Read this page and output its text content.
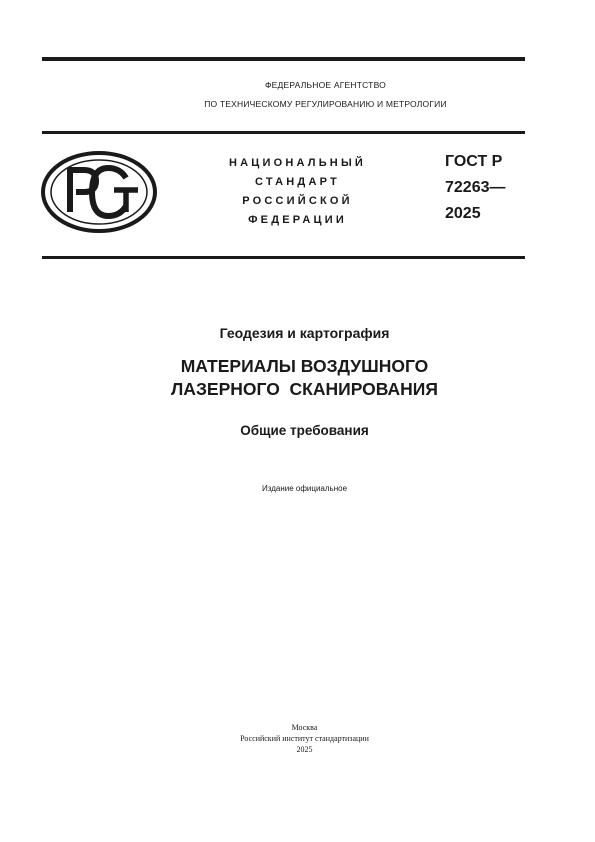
ФЕДЕРАЛЬНОЕ АГЕНТСТВО
ПО ТЕХНИЧЕСКОМУ РЕГУЛИРОВАНИЮ И МЕТРОЛОГИИ
НАЦИОНАЛЬНЫЙ
СТАНДАРТ
РОССИЙСКОЙ
ФЕДЕРАЦИИ
ГОСТ Р
72263—
2025
Геодезия и картография
МАТЕРИАЛЫ ВОЗДУШНОГО
ЛАЗЕРНОГО  СКАНИРОВАНИЯ
Общие требования
Издание официальное
Москва
Российский институт стандартизации
2025
